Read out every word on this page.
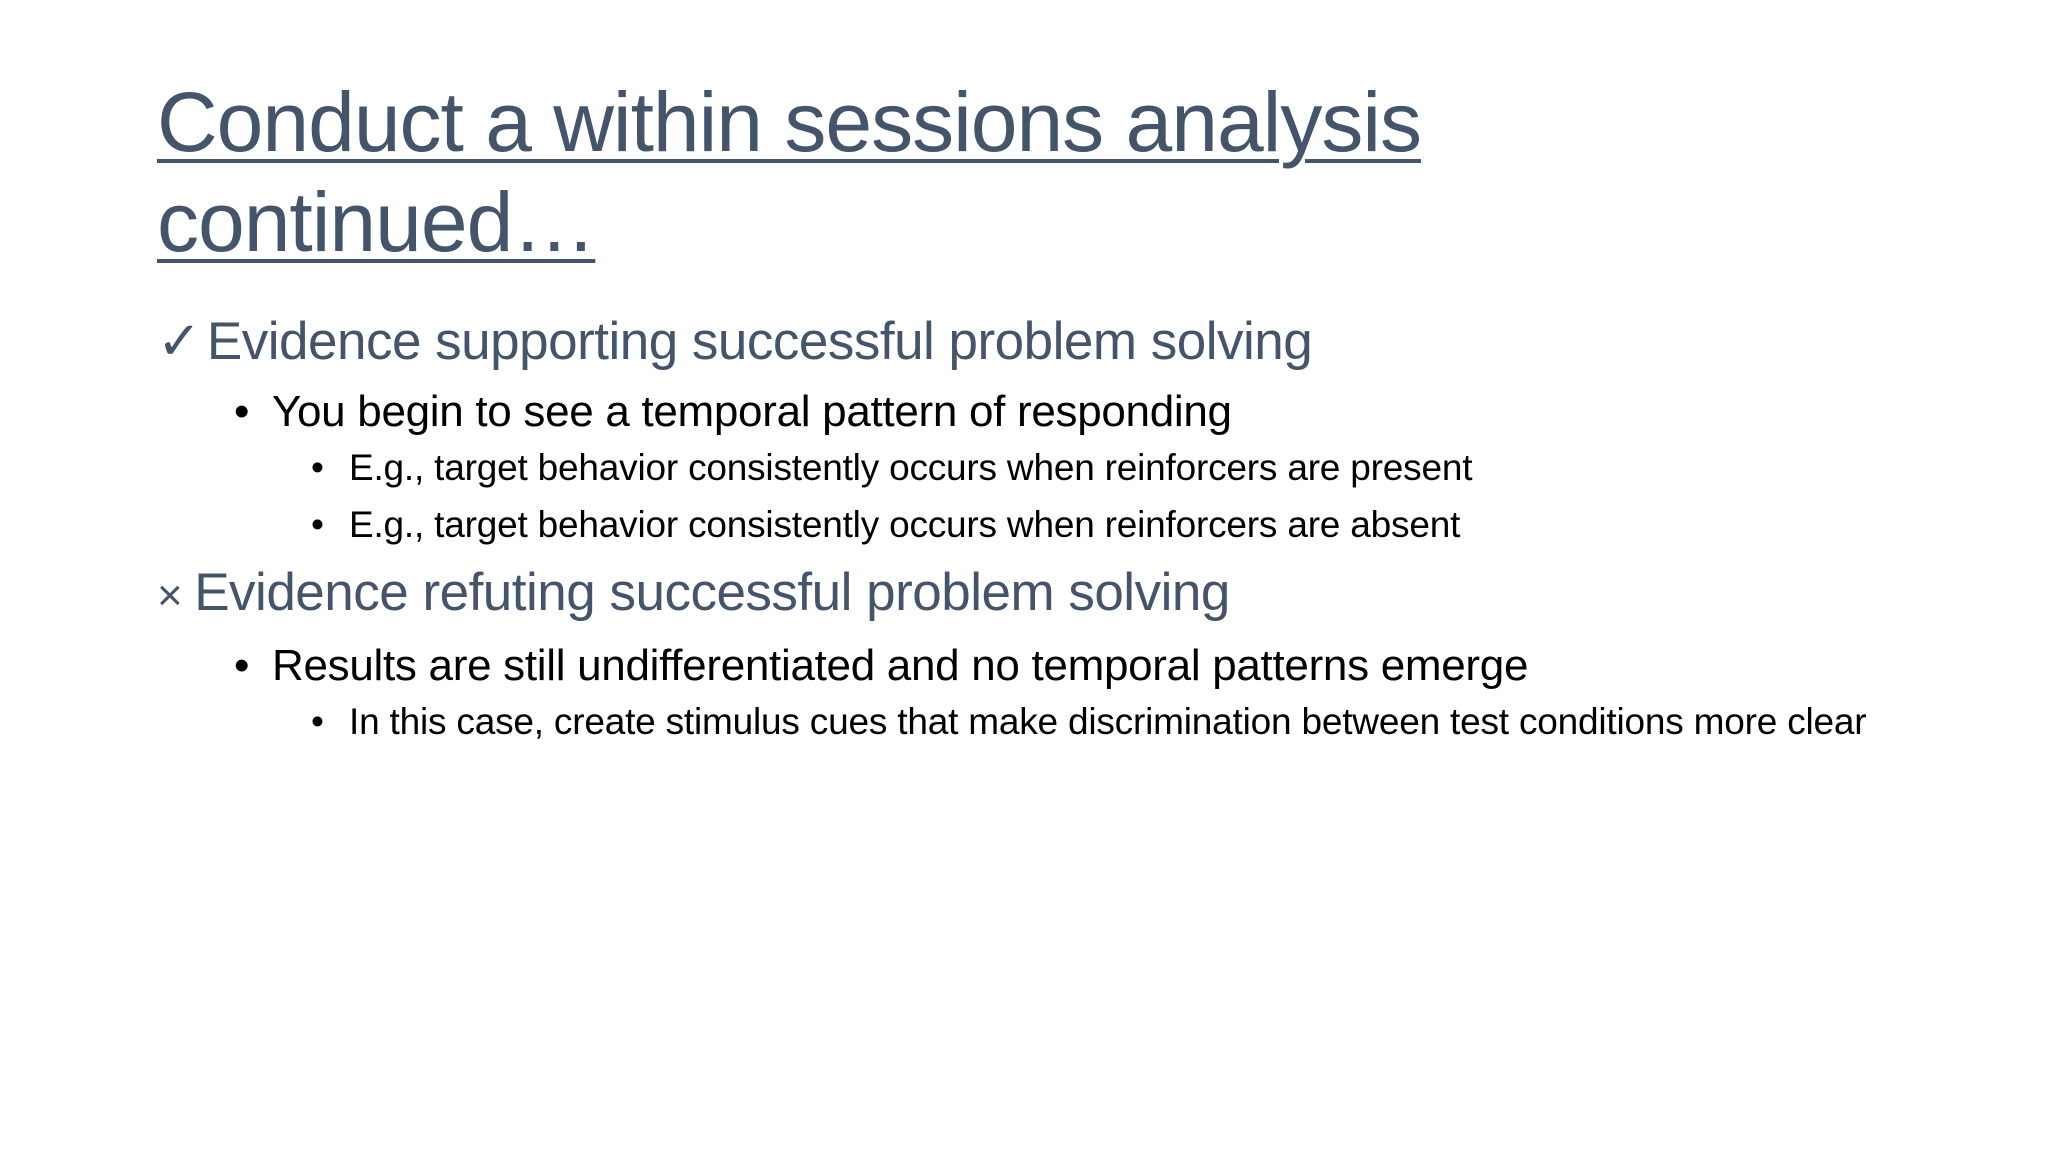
Conduct a within sessions analysis continued…
✓ Evidence supporting successful problem solving
• You begin to see a temporal pattern of responding
• E.g., target behavior consistently occurs when reinforcers are present
• E.g., target behavior consistently occurs when reinforcers are absent
× Evidence refuting successful problem solving
• Results are still undifferentiated and no temporal patterns emerge
• In this case, create stimulus cues that make discrimination between test conditions more clear
